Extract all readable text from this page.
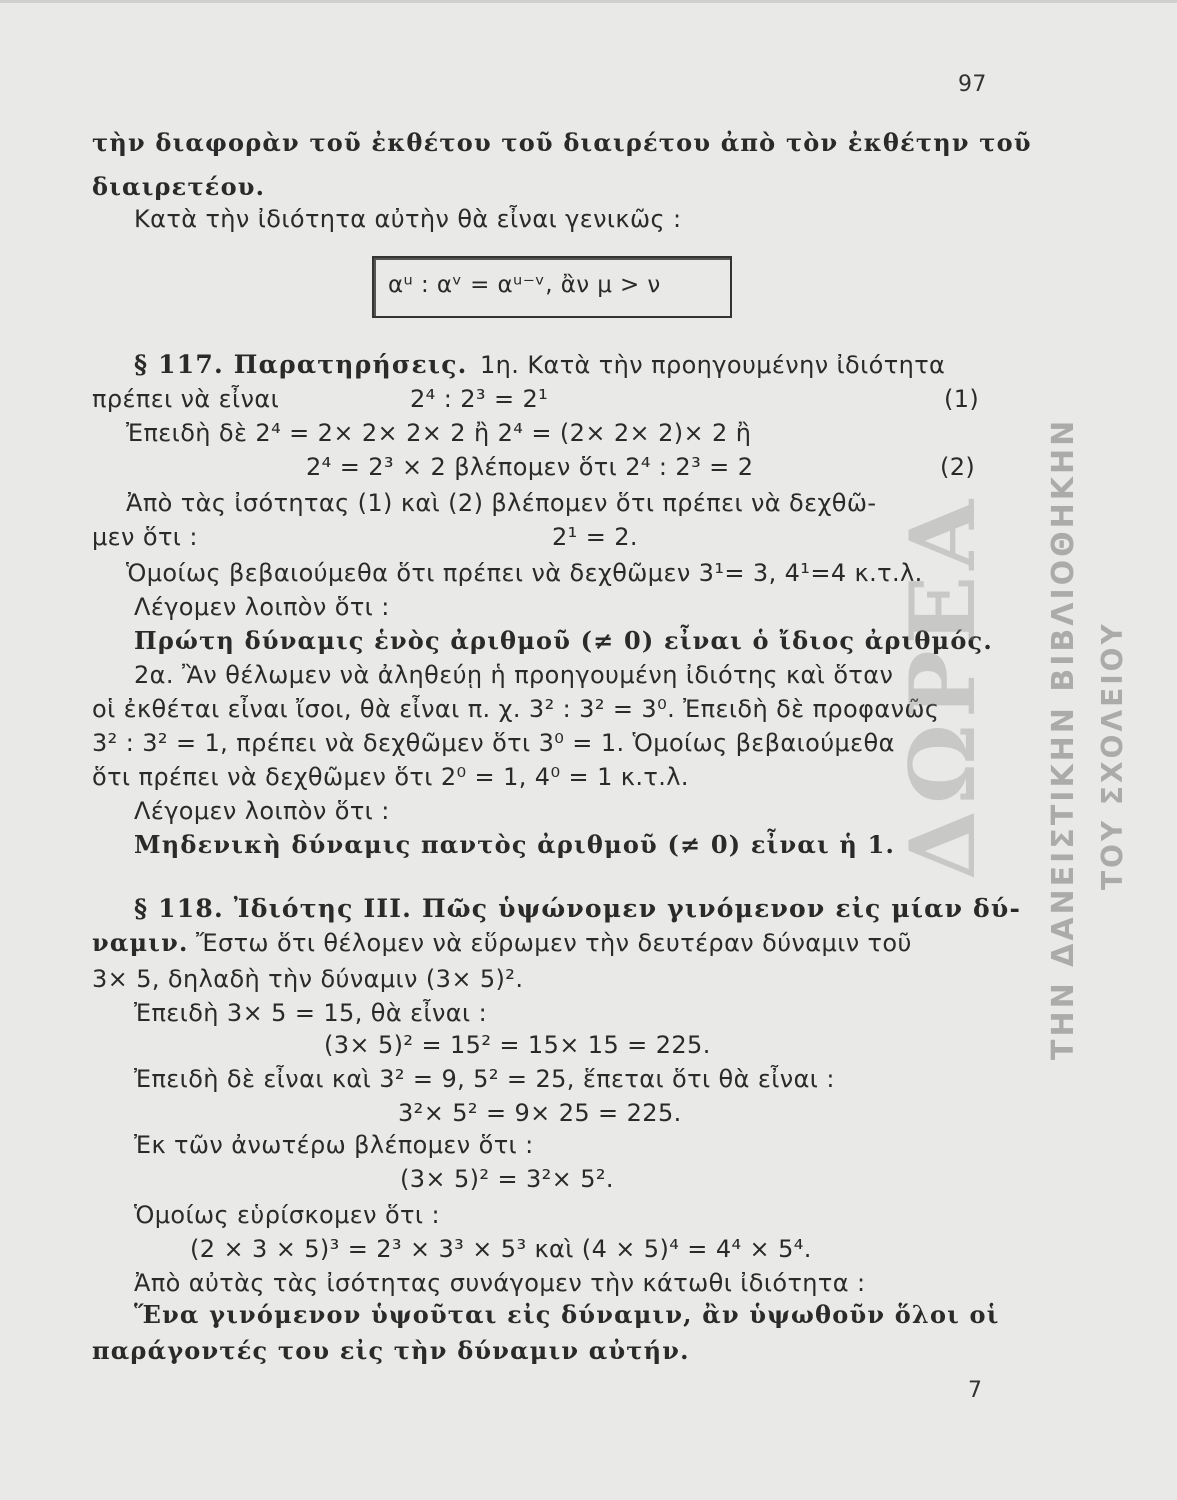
97
τὴν διαφορὰν τοῦ ἐκθέτου τοῦ διαιρέτου ἀπὸ τὸν ἐκθέτην τοῦ
διαιρετέου.
Κατὰ τὴν ἰδιότητα αὐτὴν θὰ εἶναι γενικῶς :
αᵘ : αᵛ = αᵘ⁻ᵛ, ἂν μ > ν
§ 117. Παρατηρήσεις. 1η. Κατὰ τὴν προηγουμένην ἰδιότητα
πρέπει νὰ εἶναι	2⁴ : 2³ = 2¹	(1)
Ἐπειδὴ δὲ 2⁴ = 2× 2× 2× 2 ἢ 2⁴ = (2× 2× 2)× 2 ἢ
2⁴ = 2³ × 2 βλέπομεν ὅτι 2⁴ : 2³ = 2	(2)
Ἀπὸ τὰς ἰσότητας (1) καὶ (2) βλέπομεν ὅτι πρέπει νὰ δεχθῶ-
μεν ὅτι :	2¹ = 2.
Ὁμοίως βεβαιούμεθα ὅτι πρέπει νὰ δεχθῶμεν 3¹= 3, 4¹=4 κ.τ.λ.
Λέγομεν λοιπὸν ὅτι :
Πρώτη δύναμις ἑνὸς ἀριθμοῦ (≠ 0) εἶναι ὁ ἴδιος ἀριθμός.
2α. Ἂν θέλωμεν νὰ ἀληθεύῃ ἡ προηγουμένη ἰδιότης καὶ ὅταν
οἱ ἐκθέται εἶναι ἴσοι, θὰ εἶναι π. χ. 3² : 3² = 3⁰. Ἐπειδὴ δὲ προφανῶς
3² : 3² = 1, πρέπει νὰ δεχθῶμεν ὅτι 3⁰ = 1. Ὁμοίως βεβαιούμεθα
ὅτι πρέπει νὰ δεχθῶμεν ὅτι 2⁰ = 1, 4⁰ = 1 κ.τ.λ.
Λέγομεν λοιπὸν ὅτι :
Μηδενικὴ δύναμις παντὸς ἀριθμοῦ (≠ 0) εἶναι ἡ 1.
§ 118. Ἰδιότης III. Πῶς ὑψώνομεν γινόμενον εἰς μίαν δύ-
ναμιν. Ἔστω ὅτι θέλομεν νὰ εὕρωμεν τὴν δευτέραν δύναμιν τοῦ
3× 5, δηλαδὴ τὴν δύναμιν (3× 5)².
Ἐπειδὴ 3× 5 = 15, θὰ εἶναι :
(3× 5)² = 15² = 15× 15 = 225.
Ἐπειδὴ δὲ εἶναι καὶ 3² = 9, 5² = 25, ἕπεται ὅτι θὰ εἶναι :
3²× 5² = 9× 25 = 225.
Ἐκ τῶν ἀνωτέρω βλέπομεν ὅτι :
(3× 5)² = 3²× 5².
Ὁμοίως εὑρίσκομεν ὅτι :
(2 × 3 × 5)³ = 2³ × 3³ × 5³ καὶ (4 × 5)⁴ = 4⁴ × 5⁴.
Ἀπὸ αὐτὰς τὰς ἰσότητας συνάγομεν τὴν κάτωθι ἰδιότητα :
Ἕνα γινόμενον ὑψοῦται εἰς δύναμιν, ἂν ὑψωθοῦν ὅλοι οἱ
παράγοντές του εἰς τὴν δύναμιν αὐτήν.
7
ΔΩΡΕΑ ΤΗΝ ΔΑΝΕΙΣΤΙΚΗΝ ΒΙΒΛΙΟΘΗΚΗΝ ΤΟΥ ΣΧΟΛΕΙΟΥ
